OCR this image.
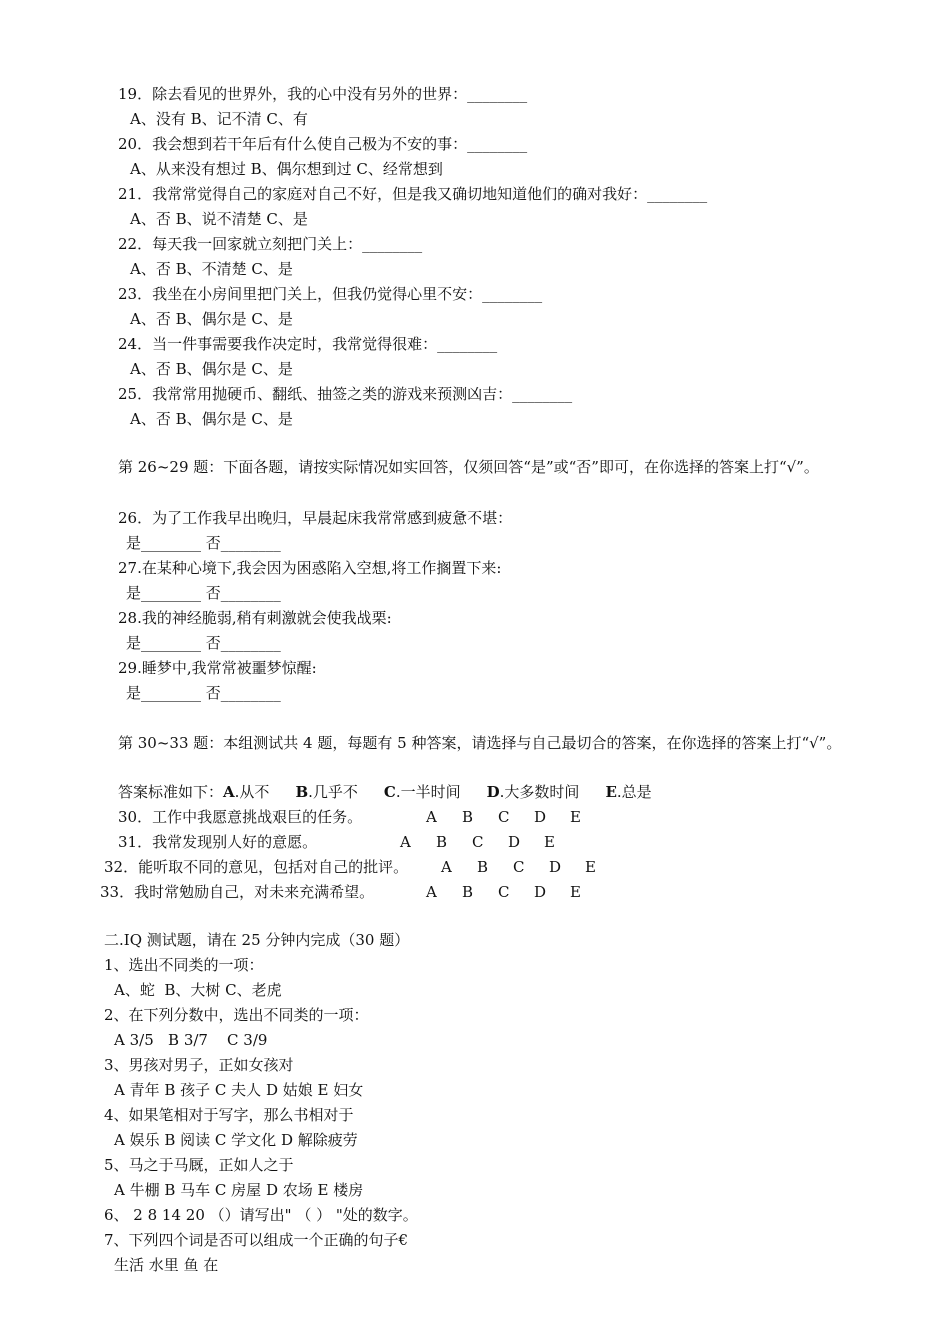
19．除去看见的世界外，我的心中没有另外的世界：________
A、没有 B、记不清 C、有
20．我会想到若干年后有什么使自己极为不安的事：________
A、从来没有想过 B、偶尔想到过 C、经常想到
21．我常常觉得自己的家庭对自己不好，但是我又确切地知道他们的确对我好：________
A、否 B、说不清楚 C、是
22．每天我一回家就立刻把门关上：________
A、否 B、不清楚 C、是
23．我坐在小房间里把门关上，但我仍觉得心里不安：________
A、否 B、偶尔是 C、是
24．当一件事需要我作决定时，我常觉得很难：________
A、否 B、偶尔是 C、是
25．我常常用抛硬币、翻纸、抽签之类的游戏来预测凶吉：________
A、否 B、偶尔是 C、是
第 26~29 题：下面各题，请按实际情况如实回答，仅须回答“是”或“否”即可，在你选择的答案上打“√”。
26．为了工作我早出晚归，早晨起床我常常感到疲惫不堪：
是________ 否________
27.在某种心境下,我会因为困惑陷入空想,将工作搁置下来:
是________ 否________
28.我的神经脆弱,稍有刺激就会使我战栗:
是________ 否________
29.睡梦中,我常常被噩梦惊醒:
是________ 否________
第 30~33 题：本组测试共 4 题，每题有 5 种答案，请选择与自己最切合的答案，在你选择的答案上打“√”。
答案标准如下：A.从不 B.几乎不 C.一半时间 D.大多数时间 E.总是
30．工作中我愿意挑战艰巨的任务。	A B C D E
31．我常发现别人好的意愿。	A B C D E
32．能听取不同的意见，包括对自己的批评。 A B C D E
33．我时常勉励自己，对未来充满希望。	A B C D E
二.IQ 测试题，请在 25 分钟内完成（30 题）
1、选出不同类的一项：
A、蛇  B、大树 C、老虎
2、在下列分数中，选出不同类的一项：
A 3/5   B 3/7    C 3/9
3、男孩对男子，正如女孩对
A 青年 B 孩子 C 夫人 D 姑娘 E 妇女
4、如果笔相对于写字，那么书相对于
A 娱乐 B 阅读 C 学文化 D 解除疲劳
5、马之于马厩，正如人之于
A 牛棚 B 马车 C 房屋 D 农场 E 楼房
6、 2 8 14 20 （）请写出" （ ） "处的数字。
7、下列四个词是否可以组成一个正确的句子€
生活 水里 鱼 在
